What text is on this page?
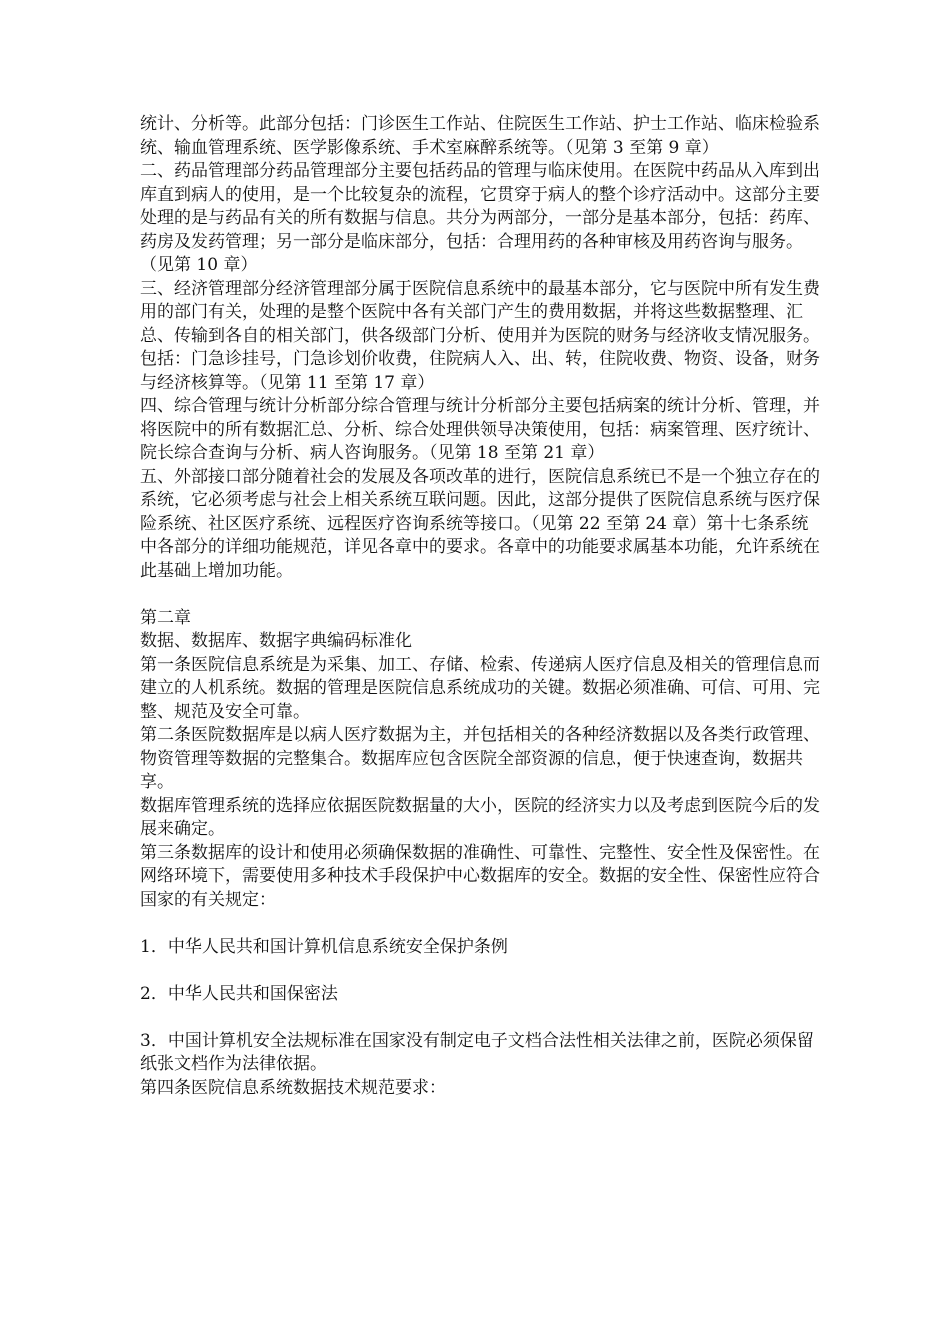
统计、分析等。此部分包括：门诊医生工作站、住院医生工作站、护士工作站、临床检验系统、输血管理系统、医学影像系统、手术室麻醉系统等。（见第 3 至第 9 章）

二、药品管理部分药品管理部分主要包括药品的管理与临床使用。在医院中药品从入库到出库直到病人的使用，是一个比较复杂的流程，它贯穿于病人的整个诊疗活动中。这部分主要处理的是与药品有关的所有数据与信息。共分为两部分，一部分是基本部分，包括：药库、药房及发药管理；另一部分是临床部分，包括：合理用药的各种审核及用药咨询与服务。（见第 10 章）

三、经济管理部分经济管理部分属于医院信息系统中的最基本部分，它与医院中所有发生费用的部门有关，处理的是整个医院中各有关部门产生的费用数据，并将这些数据整理、汇总、传输到各自的相关部门，供各级部门分析、使用并为医院的财务与经济收支情况服务。包括：门急诊挂号，门急诊划价收费，住院病人入、出、转，住院收费、物资、设备，财务与经济核算等。（见第 11 至第 17 章）

四、综合管理与统计分析部分综合管理与统计分析部分主要包括病案的统计分析、管理，并将医院中的所有数据汇总、分析、综合处理供领导决策使用，包括：病案管理、医疗统计、院长综合查询与分析、病人咨询服务。（见第 18 至第 21 章）

五、外部接口部分随着社会的发展及各项改革的进行，医院信息系统已不是一个独立存在的系统，它必须考虑与社会上相关系统互联问题。因此，这部分提供了医院信息系统与医疗保险系统、社区医疗系统、远程医疗咨询系统等接口。（见第 22 至第 24 章）第十七条系统中各部分的详细功能规范，详见各章中的要求。各章中的功能要求属基本功能，允许系统在此基础上增加功能。

第二章

数据、数据库、数据字典编码标准化

第一条医院信息系统是为采集、加工、存储、检索、传递病人医疗信息及相关的管理信息而建立的人机系统。数据的管理是医院信息系统成功的关键。数据必须准确、可信、可用、完整、规范及安全可靠。

第二条医院数据库是以病人医疗数据为主，并包括相关的各种经济数据以及各类行政管理、物资管理等数据的完整集合。数据库应包含医院全部资源的信息，便于快速查询，数据共享。

数据库管理系统的选择应依据医院数据量的大小，医院的经济实力以及考虑到医院今后的发展来确定。

第三条数据库的设计和使用必须确保数据的准确性、可靠性、完整性、安全性及保密性。在网络环境下，需要使用多种技术手段保护中心数据库的安全。数据的安全性、保密性应符合国家的有关规定：

1．中华人民共和国计算机信息系统安全保护条例

2．中华人民共和国保密法

3．中国计算机安全法规标准在国家没有制定电子文档合法性相关法律之前，医院必须保留纸张文档作为法律依据。

第四条医院信息系统数据技术规范要求：
